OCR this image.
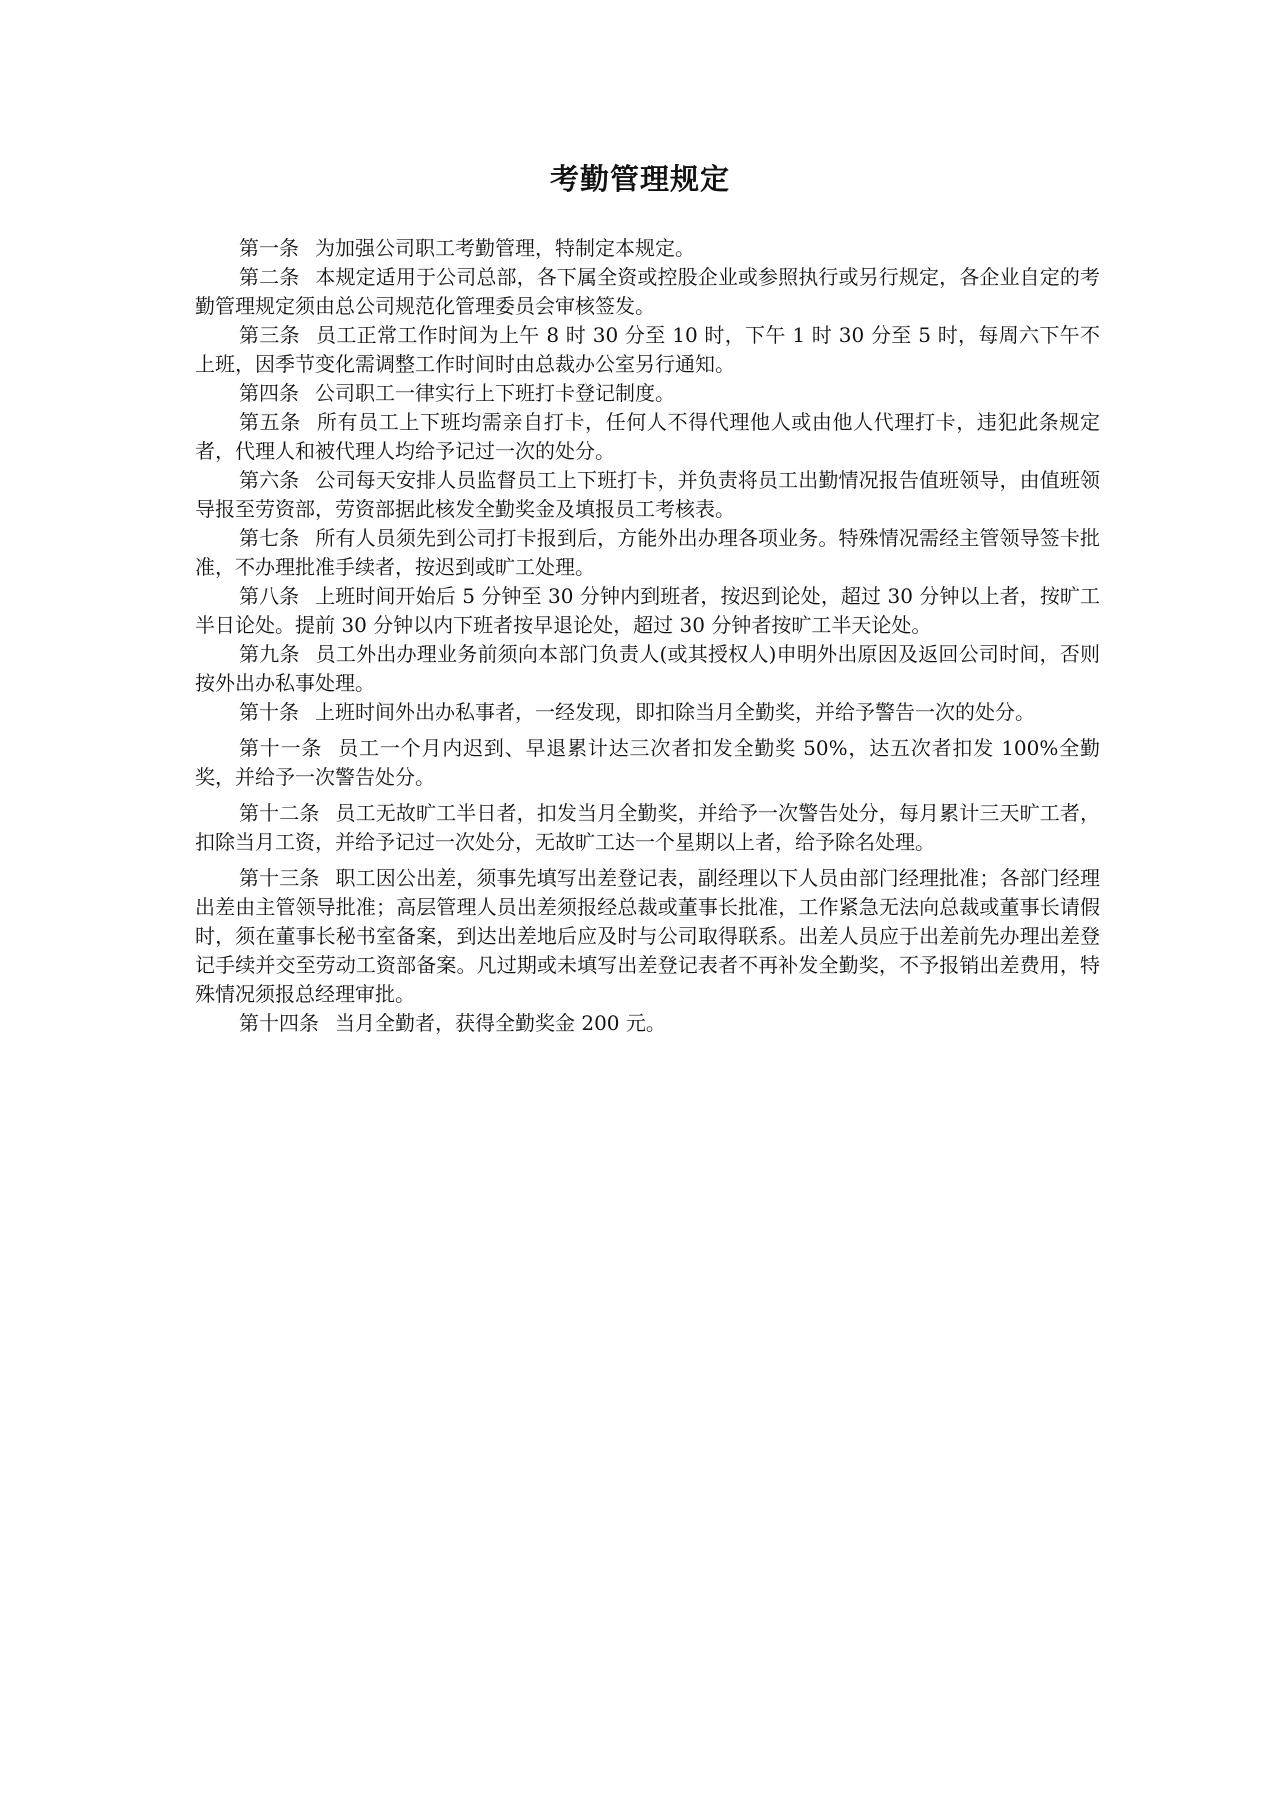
考勤管理规定

第一条 为加强公司职工考勤管理，特制定本规定。

第二条 本规定适用于公司总部，各下属全资或控股企业或参照执行或另行规定，各企业自定的考勤管理规定须由总公司规范化管理委员会审核签发。

第三条 员工正常工作时间为上午 8 时 30 分至 10 时，下午 1 时 30 分至 5 时，每周六下午不上班，因季节变化需调整工作时间时由总裁办公室另行通知。

第四条 公司职工一律实行上下班打卡登记制度。

第五条 所有员工上下班均需亲自打卡，任何人不得代理他人或由他人代理打卡，违犯此条规定者，代理人和被代理人均给予记过一次的处分。

第六条 公司每天安排人员监督员工上下班打卡，并负责将员工出勤情况报告值班领导，由值班领导报至劳资部，劳资部据此核发全勤奖金及填报员工考核表。

第七条 所有人员须先到公司打卡报到后，方能外出办理各项业务。特殊情况需经主管领导签卡批准，不办理批准手续者，按迟到或旷工处理。

第八条 上班时间开始后 5 分钟至 30 分钟内到班者，按迟到论处，超过 30 分钟以上者，按旷工半日论处。提前 30 分钟以内下班者按早退论处，超过 30 分钟者按旷工半天论处。

第九条 员工外出办理业务前须向本部门负责人(或其授权人)申明外出原因及返回公司时间，否则按外出办私事处理。

第十条 上班时间外出办私事者，一经发现，即扣除当月全勤奖，并给予警告一次的处分。

第十一条 员工一个月内迟到、早退累计达三次者扣发全勤奖 50%，达五次者扣发 100%全勤奖，并给予一次警告处分。

第十二条 员工无故旷工半日者，扣发当月全勤奖，并给予一次警告处分，每月累计三天旷工者，扣除当月工资，并给予记过一次处分，无故旷工达一个星期以上者，给予除名处理。

第十三条 职工因公出差，须事先填写出差登记表，副经理以下人员由部门经理批准；各部门经理出差由主管领导批准；高层管理人员出差须报经总裁或董事长批准，工作紧急无法向总裁或董事长请假时，须在董事长秘书室备案，到达出差地后应及时与公司取得联系。出差人员应于出差前先办理出差登记手续并交至劳动工资部备案。凡过期或未填写出差登记表者不再补发全勤奖，不予报销出差费用，特殊情况须报总经理审批。

第十四条 当月全勤者，获得全勤奖金 200 元。
